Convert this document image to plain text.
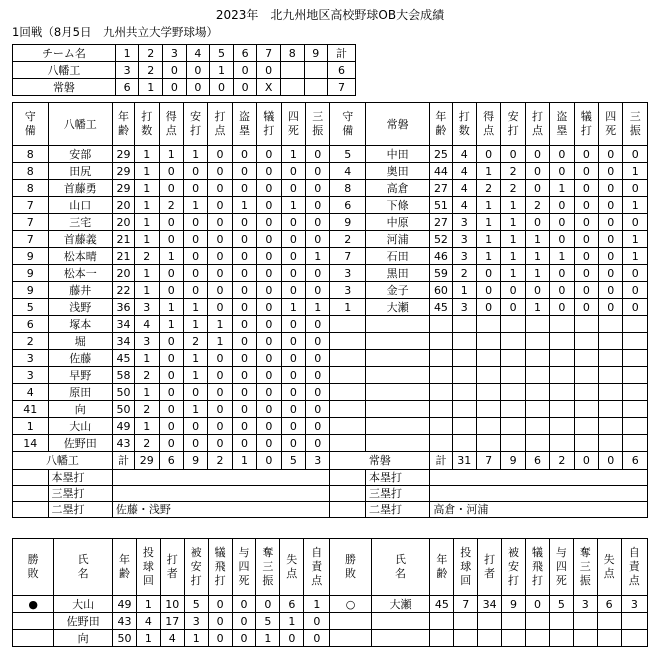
2023年　北九州地区高校野球OB大会成績
1回戦（8月5日　九州共立大学野球場）
チーム名	1	2	3	4	5	6	7	8	9	計
八幡工	3	2	0	0	1	0	0			6
常磐	6	1	0	0	0	0	X			7
守備	八幡工	年齢	打数	得点	安打	打点	盗塁	犠打	四死	三振	守備	常磐	年齢	打数	得点	安打	打点	盗塁	犠打	四死	三振
8	安部	29	1	1	1	0	0	0	1	0	5	中田	25	4	0	0	0	0	0	0	0
8	田尻	29	1	0	0	0	0	0	0	0	4	奥田	44	4	1	2	0	0	0	0	1
8	首藤勇	29	1	0	0	0	0	0	0	0	8	高倉	27	4	2	2	0	1	0	0	0
7	山口	20	1	2	1	0	1	0	1	0	6	下條	51	4	1	1	2	0	0	0	1
7	三宅	20	1	0	0	0	0	0	0	0	9	中原	27	3	1	1	0	0	0	0	0
7	首藤義	21	1	0	0	0	0	0	0	0	2	河浦	52	3	1	1	1	0	0	0	1
9	松本晴	21	2	1	0	0	0	0	0	1	7	石田	46	3	1	1	1	1	0	0	1
9	松本一	20	1	0	0	0	0	0	0	0	3	黒田	59	2	0	1	1	0	0	0	0
9	藤井	22	1	0	0	0	0	0	0	0	3	金子	60	1	0	0	0	0	0	0	0
5	浅野	36	3	1	1	0	0	0	1	1	1	大瀬	45	3	0	0	1	0	0	0	0
6	塚本	34	4	1	1	1	0	0	0	0											
2	堀	34	3	0	2	1	0	0	0	0											
3	佐藤	45	1	0	1	0	0	0	0	0											
3	早野	58	2	0	1	0	0	0	0	0											
4	原田	50	1	0	0	0	0	0	0	0											
41	向	50	2	0	1	0	0	0	0	0											
1	大山	49	1	0	0	0	0	0	0	0											
14	佐野田	43	2	0	0	0	0	0	0	0											
八幡工		計	29	6	9	2	1	0	5	3	常磐		計	31	7	9	6	2	0	0	6
	本塁打											本塁打									
	三塁打											三塁打									
	二塁打	佐藤・浅野										二塁打	高倉・河浦								
勝敗	氏名	年齢	投球回	打者	被安打	犠飛打	与四死	奪三振	失点	自責点	勝敗	氏名	年齢	投球回	打者	被安打	犠飛打	与四死	奪三振	失点	自責点
●	大山	49	1	10	5	0	0	0	6	1	○	大瀬	45	7	34	9	0	5	3	6	3
	佐野田	43	4	17	3	0	0	5	1	0											
	向	50	1	4	1	0	0	1	0	0											
